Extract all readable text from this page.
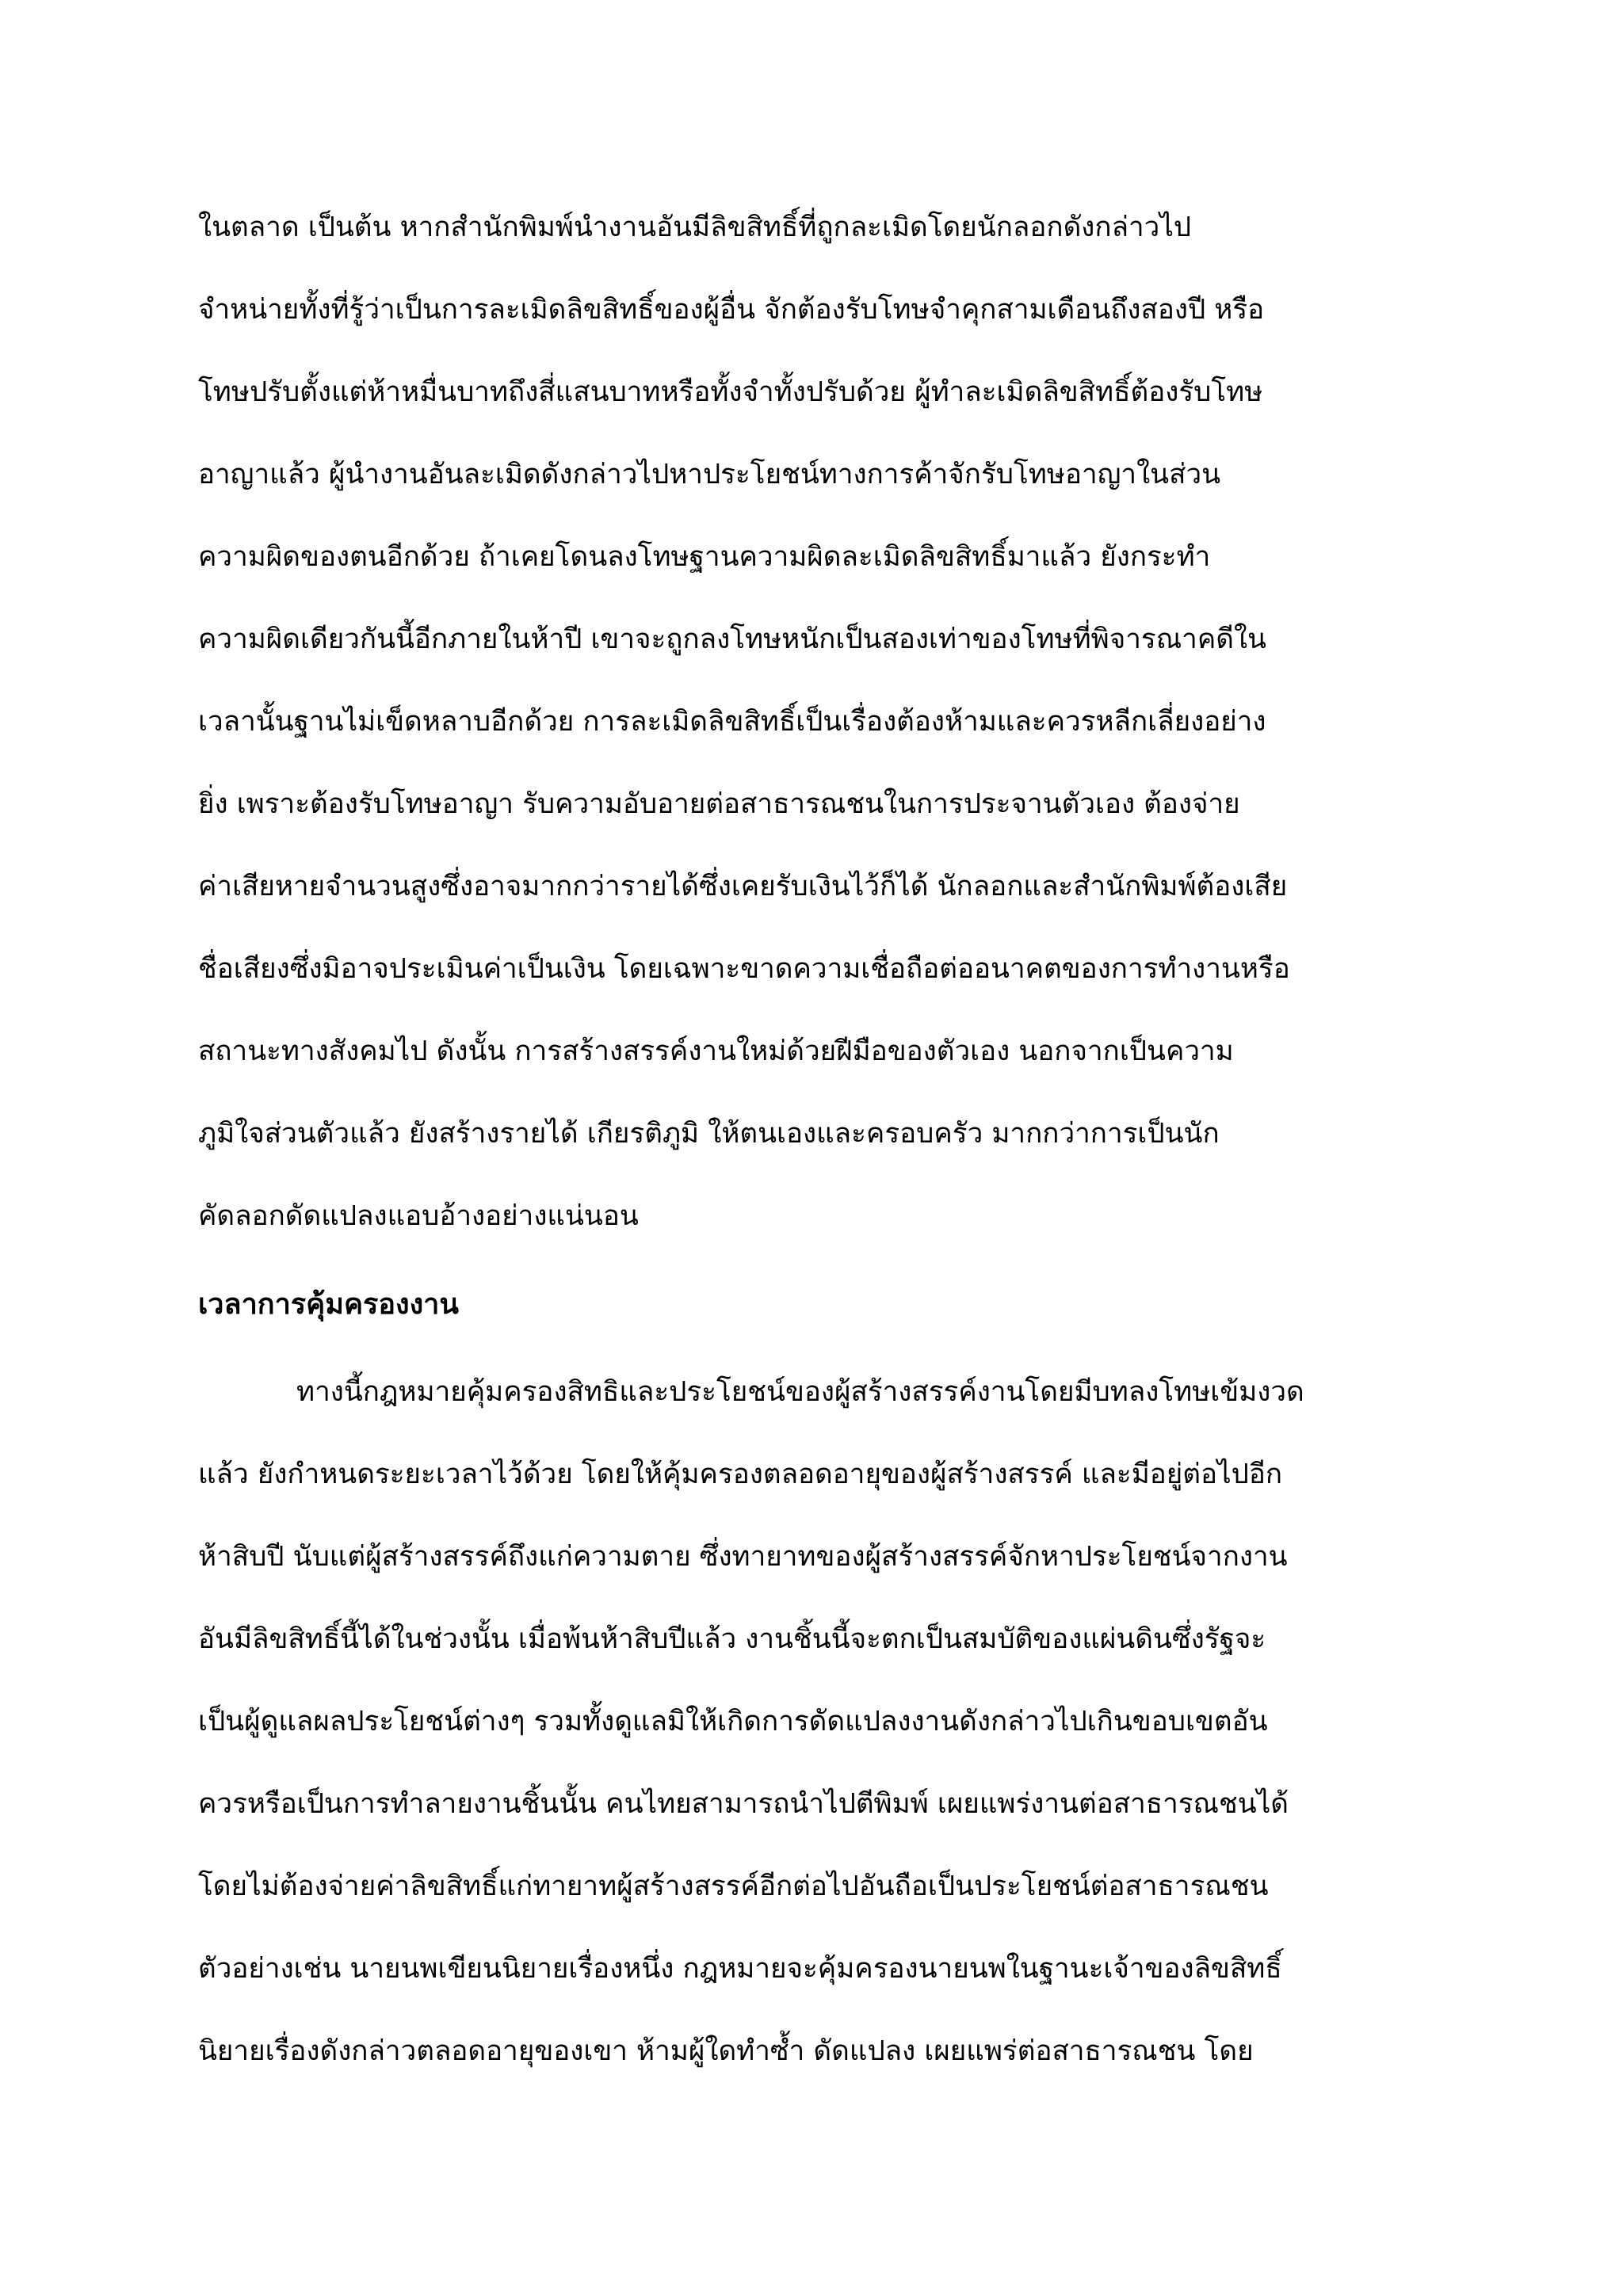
ในตลาด เป็นต้น หากสำนักพิมพ์นำงานอันมีลิขสิทธิ์ที่ถูกละเมิดโดยนักลอกดังกล่าวไป
จำหน่ายทั้งที่รู้ว่าเป็นการละเมิดลิขสิทธิ์ของผู้อื่น จักต้องรับโทษจำคุกสามเดือนถึงสองปี หรือ
โทษปรับตั้งแต่ห้าหมื่นบาทถึงสี่แสนบาทหรือทั้งจำทั้งปรับด้วย ผู้ทำละเมิดลิขสิทธิ์ต้องรับโทษ
อาญาแล้ว ผู้นำงานอันละเมิดดังกล่าวไปหาประโยชน์ทางการค้าจักรับโทษอาญาในส่วน
ความผิดของตนอีกด้วย ถ้าเคยโดนลงโทษฐานความผิดละเมิดลิขสิทธิ์มาแล้ว ยังกระทำ
ความผิดเดียวกันนี้อีกภายในห้าปี เขาจะถูกลงโทษหนักเป็นสองเท่าของโทษที่พิจารณาคดีใน
เวลานั้นฐานไม่เข็ดหลาบอีกด้วย การละเมิดลิขสิทธิ์เป็นเรื่องต้องห้ามและควรหลีกเลี่ยงอย่าง
ยิ่ง เพราะต้องรับโทษอาญา รับความอับอายต่อสาธารณชนในการประจานตัวเอง ต้องจ่าย
ค่าเสียหายจำนวนสูงซึ่งอาจมากกว่ารายได้ซึ่งเคยรับเงินไว้ก็ได้ นักลอกและสำนักพิมพ์ต้องเสีย
ชื่อเสียงซึ่งมิอาจประเมินค่าเป็นเงิน โดยเฉพาะขาดความเชื่อถือต่ออนาคตของการทำงานหรือ
สถานะทางสังคมไป ดังนั้น การสร้างสรรค์งานใหม่ด้วยฝีมือของตัวเอง นอกจากเป็นความ
ภูมิใจส่วนตัวแล้ว ยังสร้างรายได้ เกียรติภูมิ ให้ตนเองและครอบครัว มากกว่าการเป็นนัก
คัดลอกดัดแปลงแอบอ้างอย่างแน่นอน
เวลาการคุ้มครองงาน
ทางนี้กฎหมายคุ้มครองสิทธิและประโยชน์ของผู้สร้างสรรค์งานโดยมีบทลงโทษเข้มงวด
แล้ว ยังกำหนดระยะเวลาไว้ด้วย โดยให้คุ้มครองตลอดอายุของผู้สร้างสรรค์ และมีอยู่ต่อไปอีก
ห้าสิบปี นับแต่ผู้สร้างสรรค์ถึงแก่ความตาย ซึ่งทายาทของผู้สร้างสรรค์จักหาประโยชน์จากงาน
อันมีลิขสิทธิ์นี้ได้ในช่วงนั้น เมื่อพ้นห้าสิบปีแล้ว งานชิ้นนี้จะตกเป็นสมบัติของแผ่นดินซึ่งรัฐจะ
เป็นผู้ดูแลผลประโยชน์ต่างๆ รวมทั้งดูแลมิให้เกิดการดัดแปลงงานดังกล่าวไปเกินขอบเขตอัน
ควรหรือเป็นการทำลายงานชิ้นนั้น คนไทยสามารถนำไปตีพิมพ์ เผยแพร่งานต่อสาธารณชนได้
โดยไม่ต้องจ่ายค่าลิขสิทธิ์แก่ทายาทผู้สร้างสรรค์อีกต่อไปอันถือเป็นประโยชน์ต่อสาธารณชน
ตัวอย่างเช่น นายนพเขียนนิยายเรื่องหนึ่ง กฎหมายจะคุ้มครองนายนพในฐานะเจ้าของลิขสิทธิ์
นิยายเรื่องดังกล่าวตลอดอายุของเขา ห้ามผู้ใดทำซ้ำ ดัดแปลง เผยแพร่ต่อสาธารณชน โดย
